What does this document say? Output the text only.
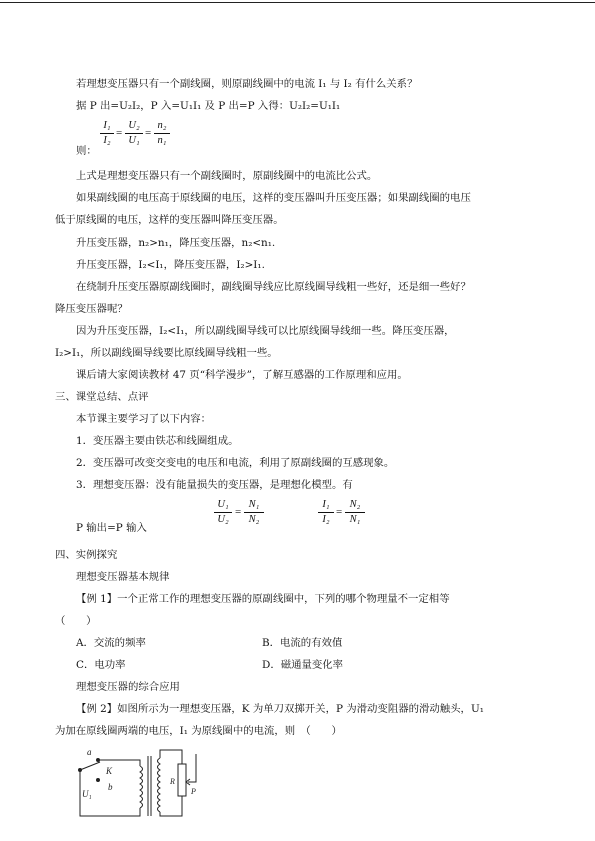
若理想变压器只有一个副线圈，则原副线圈中的电流 I₁ 与 I₂ 有什么关系？
据 P 出=U₂I₂，P 入=U₁I₁ 及 P 出=P 入得：U₂I₂=U₁I₁
I₁
I₂
=
U₂
U₁
=
n₂
n₁
则：
上式是理想变压器只有一个副线圈时，原副线圈中的电流比公式。
如果副线圈的电压高于原线圈的电压，这样的变压器叫升压变压器；如果副线圈的电压
低于原线圈的电压，这样的变压器叫降压变压器。
升压变压器，n₂>n₁，降压变压器，n₂<n₁.
升压变压器，I₂<I₁，降压变压器，I₂>I₁.
在绕制升压变压器原副线圈时，副线圈导线应比原线圈导线粗一些好，还是细一些好？
降压变压器呢？
因为升压变压器，I₂<I₁，所以副线圈导线可以比原线圈导线细一些。降压变压器，
I₂>I₁，所以副线圈导线要比原线圈导线粗一些。
课后请大家阅读教材 47 页“科学漫步”，了解互感器的工作原理和应用。
三、课堂总结、点评
本节课主要学习了以下内容：
1．变压器主要由铁芯和线圈组成。
2．变压器可改变交变电的电压和电流，利用了原副线圈的互感现象。
3．理想变压器：没有能量损失的变压器，是理想化模型。有
U₁
U₂
=
N₁
N₂
I₁
I₂
=
N₂
N₁
P 输出=P 输入
四、实例探究
理想变压器基本规律
【例 1】一个正常工作的理想变压器的原副线圈中，下列的哪个物理量不一定相等
（　　）
A．交流的频率	B．电流的有效值
C．电功率	D．磁通量变化率
理想变压器的综合应用
【例 2】如图所示为一理想变压器，K 为单刀双掷开关，P 为滑动变阻器的滑动触头，U₁
为加在原线圈两端的电压，I₁ 为原线圈中的电流，则　（　　）
a
K
U₁
b
R
P
